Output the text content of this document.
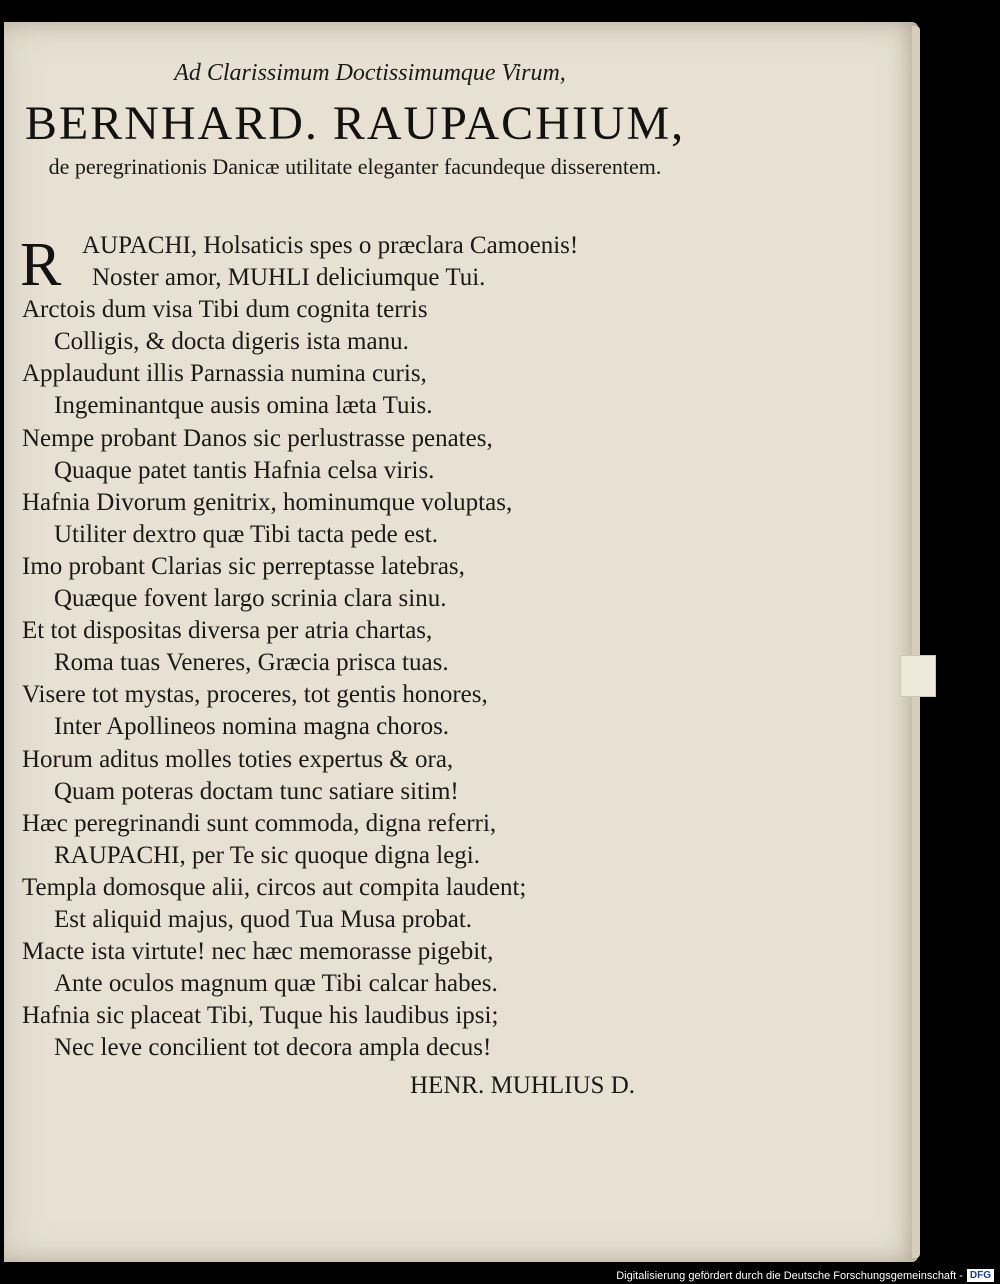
Ad Clarissimum Doctissimumque Virum,
BERNHARD. RAUPACHIUM,
de peregrinationis Danicæ utilitate eleganter facundeque disserentem.
R AUPACHI, Holsaticis spes o præclara Camoenis!
Noster amor, MUHLI deliciumque Tui.
Arctois dum visa Tibi dum cognita terris
Colligis, & docta digeris ista manu.
Applaudunt illis Parnassia numina curis,
Ingeminantque ausis omina læta Tuis.
Nempe probant Danos sic perlustrasse penates,
Quaque patet tantis Hafnia celsa viris.
Hafnia Divorum genitrix, hominumque voluptas,
Utiliter dextro quæ Tibi tacta pede est.
Imo probant Clarias sic perreptasse latebras,
Quæque fovent largo scrinia clara sinu.
Et tot dispositas diversa per atria chartas,
Roma tuas Veneres, Græcia prisca tuas.
Visere tot mystas, proceres, tot gentis honores,
Inter Apollineos nomina magna choros.
Horum aditus molles toties expertus & ora,
Quam poteras doctam tunc satiare sitim!
Hæc peregrinandi sunt commoda, digna referri,
RAUPACHI, per Te sic quoque digna legi.
Templa domosque alii, circos aut compita laudent;
Est aliquid majus, quod Tua Musa probat.
Macte ista virtute! nec hæc memorasse pigebit,
Ante oculos magnum quæ Tibi calcar habes.
Hafnia sic placeat Tibi, Tuque his laudibus ipsi;
Nec leve concilient tot decora ampla decus!
HENR. MUHLIUS D.
Digitalisierung gefördert durch die Deutsche Forschungsgemeinschaft - DFG
